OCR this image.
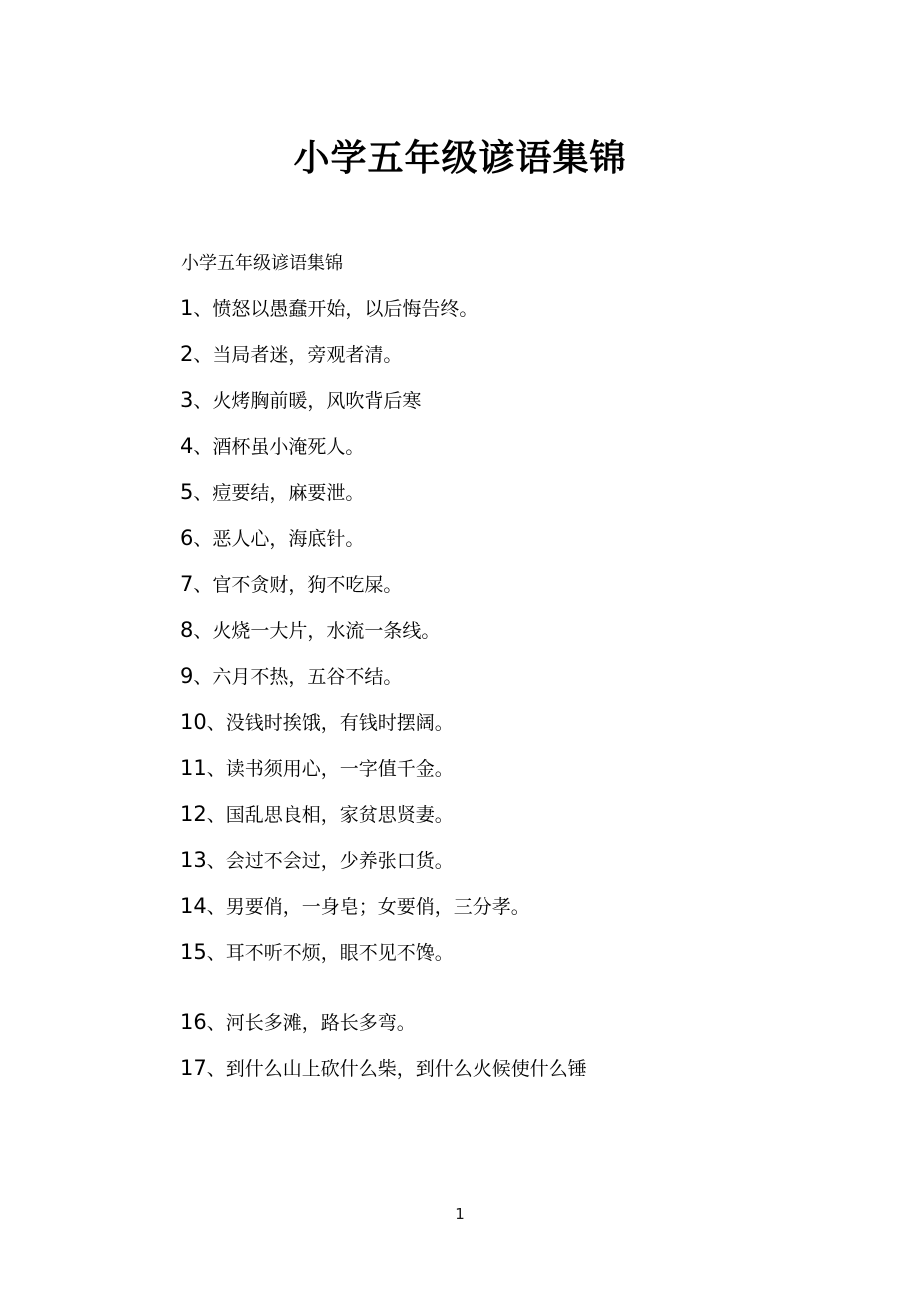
小学五年级谚语集锦
小学五年级谚语集锦
1、愤怒以愚蠢开始，以后悔告终。
2、当局者迷，旁观者清。
3、火烤胸前暖，风吹背后寒
4、酒杯虽小淹死人。
5、痘要结，麻要泄。
6、恶人心，海底针。
7、官不贪财，狗不吃屎。
8、火烧一大片，水流一条线。
9、六月不热，五谷不结。
10、没钱时挨饿，有钱时摆阔。
11、读书须用心，一字值千金。
12、国乱思良相，家贫思贤妻。
13、会过不会过，少养张口货。
14、男要俏，一身皂；女要俏，三分孝。
15、耳不听不烦，眼不见不馋。
16、河长多滩，路长多弯。
17、到什么山上砍什么柴，到什么火候使什么锤
1
